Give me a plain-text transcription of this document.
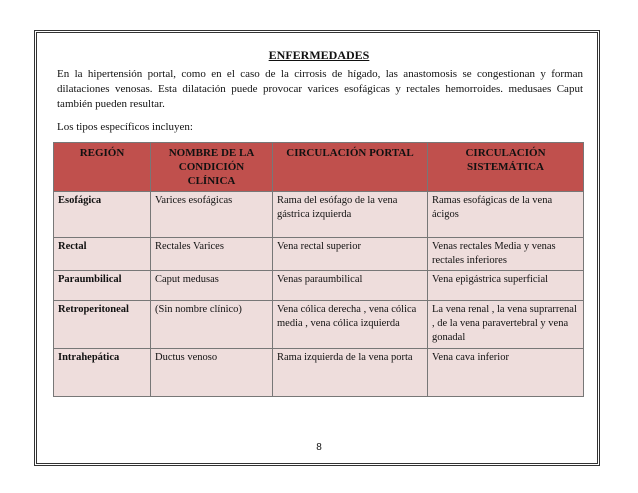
ENFERMEDADES
En la hipertensión portal, como en el caso de la cirrosis de hígado, las anastomosis se congestionan y forman dilataciones venosas. Esta dilatación puede provocar varices esofágicas y rectales hemorroides. medusaes Caput también pueden resultar.
Los tipos específicos incluyen:
REGIÓN	NOMBRE DE LA CONDICIÓN CLÍNICA	CIRCULACIÓN PORTAL	CIRCULACIÓN SISTEMÁTICA
Esofágica	Varices esofágicas	Rama del esófago de la vena gástrica izquierda	Ramas esofágicas de la vena ácigos
Rectal	Rectales Varices	Vena rectal superior	Venas rectales Media y venas rectales inferiores
Paraumbilical	Caput medusas	Venas paraumbilical	Vena epigástrica superficial
Retroperitoneal	(Sin nombre clínico)	Vena cólica derecha , vena cólica media , vena cólica izquierda	La vena renal , la vena suprarrenal , de la vena paravertebral y vena gonadal
Intrahepática	Ductus venoso	Rama izquierda de la vena porta	Vena cava inferior
8
